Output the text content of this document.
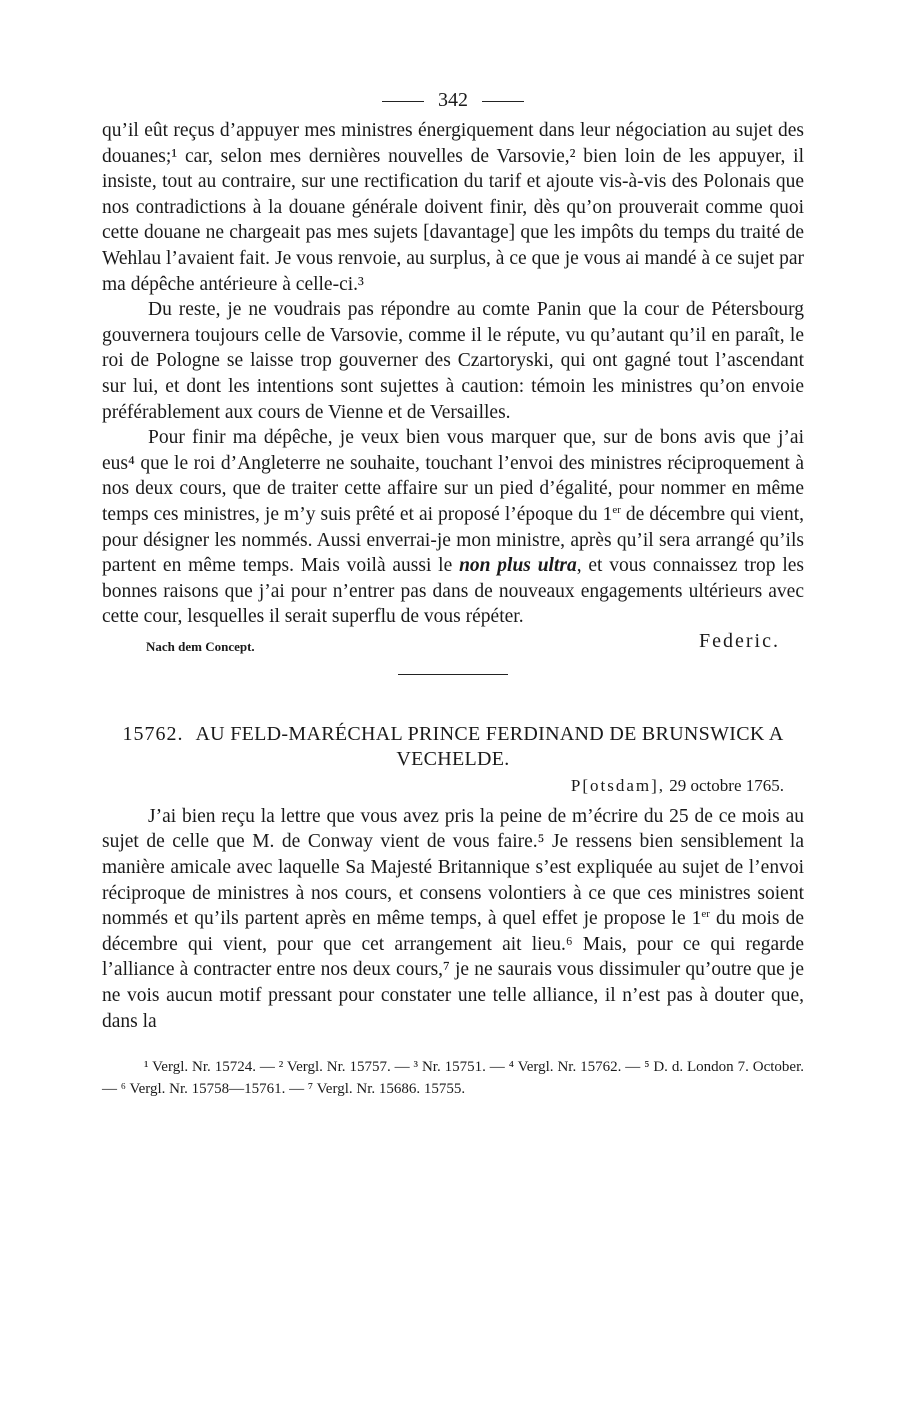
342

qu’il eût reçus d’appuyer mes ministres énergiquement dans leur négociation au sujet des douanes;¹ car, selon mes dernières nouvelles de Varsovie,² bien loin de les appuyer, il insiste, tout au contraire, sur une rectification du tarif et ajoute vis-à-vis des Polonais que nos contradictions à la douane générale doivent finir, dès qu’on prouverait comme quoi cette douane ne chargeait pas mes sujets [davantage] que les impôts du temps du traité de Wehlau l’avaient fait. Je vous renvoie, au surplus, à ce que je vous ai mandé à ce sujet par ma dépêche antérieure à celle-ci.³

Du reste, je ne voudrais pas répondre au comte Panin que la cour de Pétersbourg gouvernera toujours celle de Varsovie, comme il le répute, vu qu’autant qu’il en paraît, le roi de Pologne se laisse trop gouverner des Czartoryski, qui ont gagné tout l’ascendant sur lui, et dont les intentions sont sujettes à caution: témoin les ministres qu’on envoie préférablement aux cours de Vienne et de Versailles.

Pour finir ma dépêche, je veux bien vous marquer que, sur de bons avis que j’ai eus⁴ que le roi d’Angleterre ne souhaite, touchant l’envoi des ministres réciproquement à nos deux cours, que de traiter cette affaire sur un pied d’égalité, pour nommer en même temps ces ministres, je m’y suis prêté et ai proposé l’époque du 1er de décembre qui vient, pour désigner les nommés. Aussi enverrai-je mon ministre, après qu’il sera arrangé qu’ils partent en même temps. Mais voilà aussi le non plus ultra, et vous connaissez trop les bonnes raisons que j’ai pour n’entrer pas dans de nouveaux engagements ultérieurs avec cette cour, lesquelles il serait superflu de vous répéter.

Nach dem Concept.	Federic.
15762. AU FELD-MARÉCHAL PRINCE FERDINAND DE BRUNSWICK A VECHELDE.
P[otsdam], 29 octobre 1765.

J’ai bien reçu la lettre que vous avez pris la peine de m’écrire du 25 de ce mois au sujet de celle que M. de Conway vient de vous faire.⁵ Je ressens bien sensiblement la manière amicale avec laquelle Sa Majesté Britannique s’est expliquée au sujet de l’envoi réciproque de ministres à nos cours, et consens volontiers à ce que ces ministres soient nommés et qu’ils partent après en même temps, à quel effet je propose le 1er du mois de décembre qui vient, pour que cet arrangement ait lieu.⁶ Mais, pour ce qui regarde l’alliance à contracter entre nos deux cours,⁷ je ne saurais vous dissimuler qu’outre que je ne vois aucun motif pressant pour constater une telle alliance, il n’est pas à douter que, dans la

¹ Vergl. Nr. 15724. — ² Vergl. Nr. 15757. — ³ Nr. 15751. — ⁴ Vergl. Nr. 15762. — ⁵ D. d. London 7. October. — ⁶ Vergl. Nr. 15758—15761. — ⁷ Vergl. Nr. 15686. 15755.
